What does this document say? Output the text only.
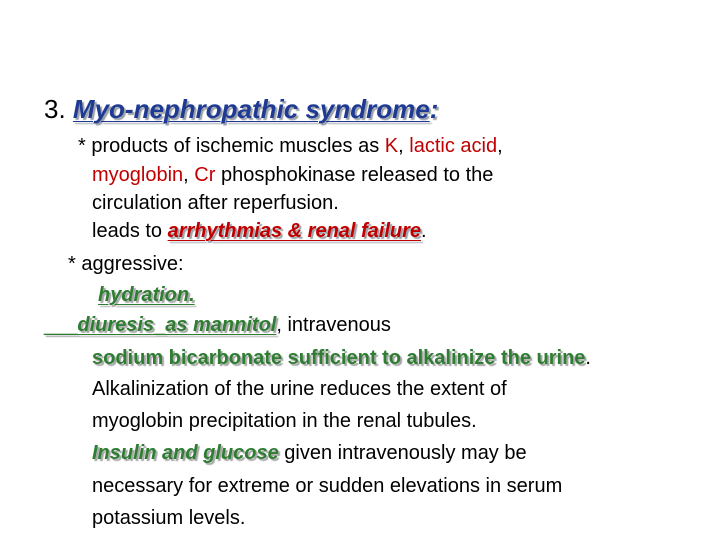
3. Myo-nephropathic syndrome:
* products of ischemic muscles as K, lactic acid,
myoglobin, Cr phosphokinase released to the
circulation after reperfusion.
leads to arrhythmias & renal failure.
* aggressive:
hydration.
___diuresis_as mannitol, intravenous
sodium bicarbonate sufficient to alkalinize the urine.
Alkalinization of the urine reduces the extent of
myoglobin precipitation in the renal tubules.
Insulin and glucose given intravenously may be
necessary for extreme or sudden elevations in serum
potassium levels.
